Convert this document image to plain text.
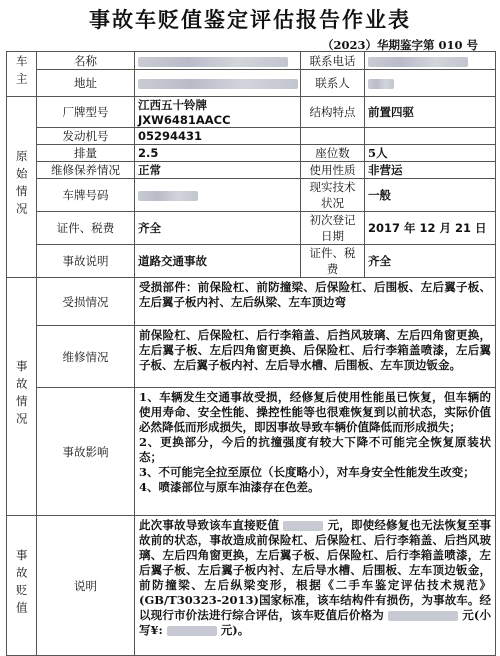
事故车贬值鉴定评估报告作业表
（2023）华期鉴字第 010 号
车主	名称		联系电话	
	地址		联系人	
原始情况	厂牌型号	江西五十铃牌 JXW6481AACC	结构特点	前置四驱
	发动机号	05294431		
	排量	2.5	座位数	5人
	维修保养情况	正常	使用性质	非营运
	车牌号码		现实技术状况	一般
	证件、税费	齐全	初次登记日期	2017 年 12 月 21 日
	事故说明	道路交通事故	证件、税费	齐全
事故情况	受损情况	受损部件：前保险杠、前防撞梁、后保险杠、后围板、左后翼子板、左后翼子板内衬、左后纵梁、左车顶边弯		
	维修情况	前保险杠、后保险杠、后行李箱盖、后挡风玻璃、左后四角窗更换，左后翼子板、左后四角窗更换、后保险杠、后行李箱盖喷漆，左后翼子板、左后翼子板内衬、左后导水槽、后围板、左车顶边钣金。		
	事故影响	1、车辆发生交通事故受损，经修复后使用性能虽已恢复，但车辆的使用寿命、安全性能、操控性能等也很难恢复到以前状态，实际价值必然降低而形成损失，即因事故导致车辆价值降低而形成损失；

2、更换部分，今后的抗撞强度有较大下降不可能完全恢复原装状态；

3、不可能完全拉至原位（长度略小），对车身安全性能发生改变；

4、喷漆部位与原车油漆存在色差。		

事故贬值	说明	此次事故导致该车直接贬值 元，即使经修复也无法恢复至事故前的状态，事故造成前保险杠、后保险杠、后行李箱盖、后挡风玻璃、左后四角窗更换，左后翼子板、后保险杠、后行李箱盖喷漆，左后翼子板、左后翼子板内衬、左后导水槽、后围板、左车顶边钣金，前防撞梁、左后纵梁变形，根据《二手车鉴定评估技术规范》(GB/T30323-2013)国家标准，该车结构件有损伤，为事故车。经以现行市价法进行综合评估，该车贬值后价格为 元(小写¥: 元)。		
